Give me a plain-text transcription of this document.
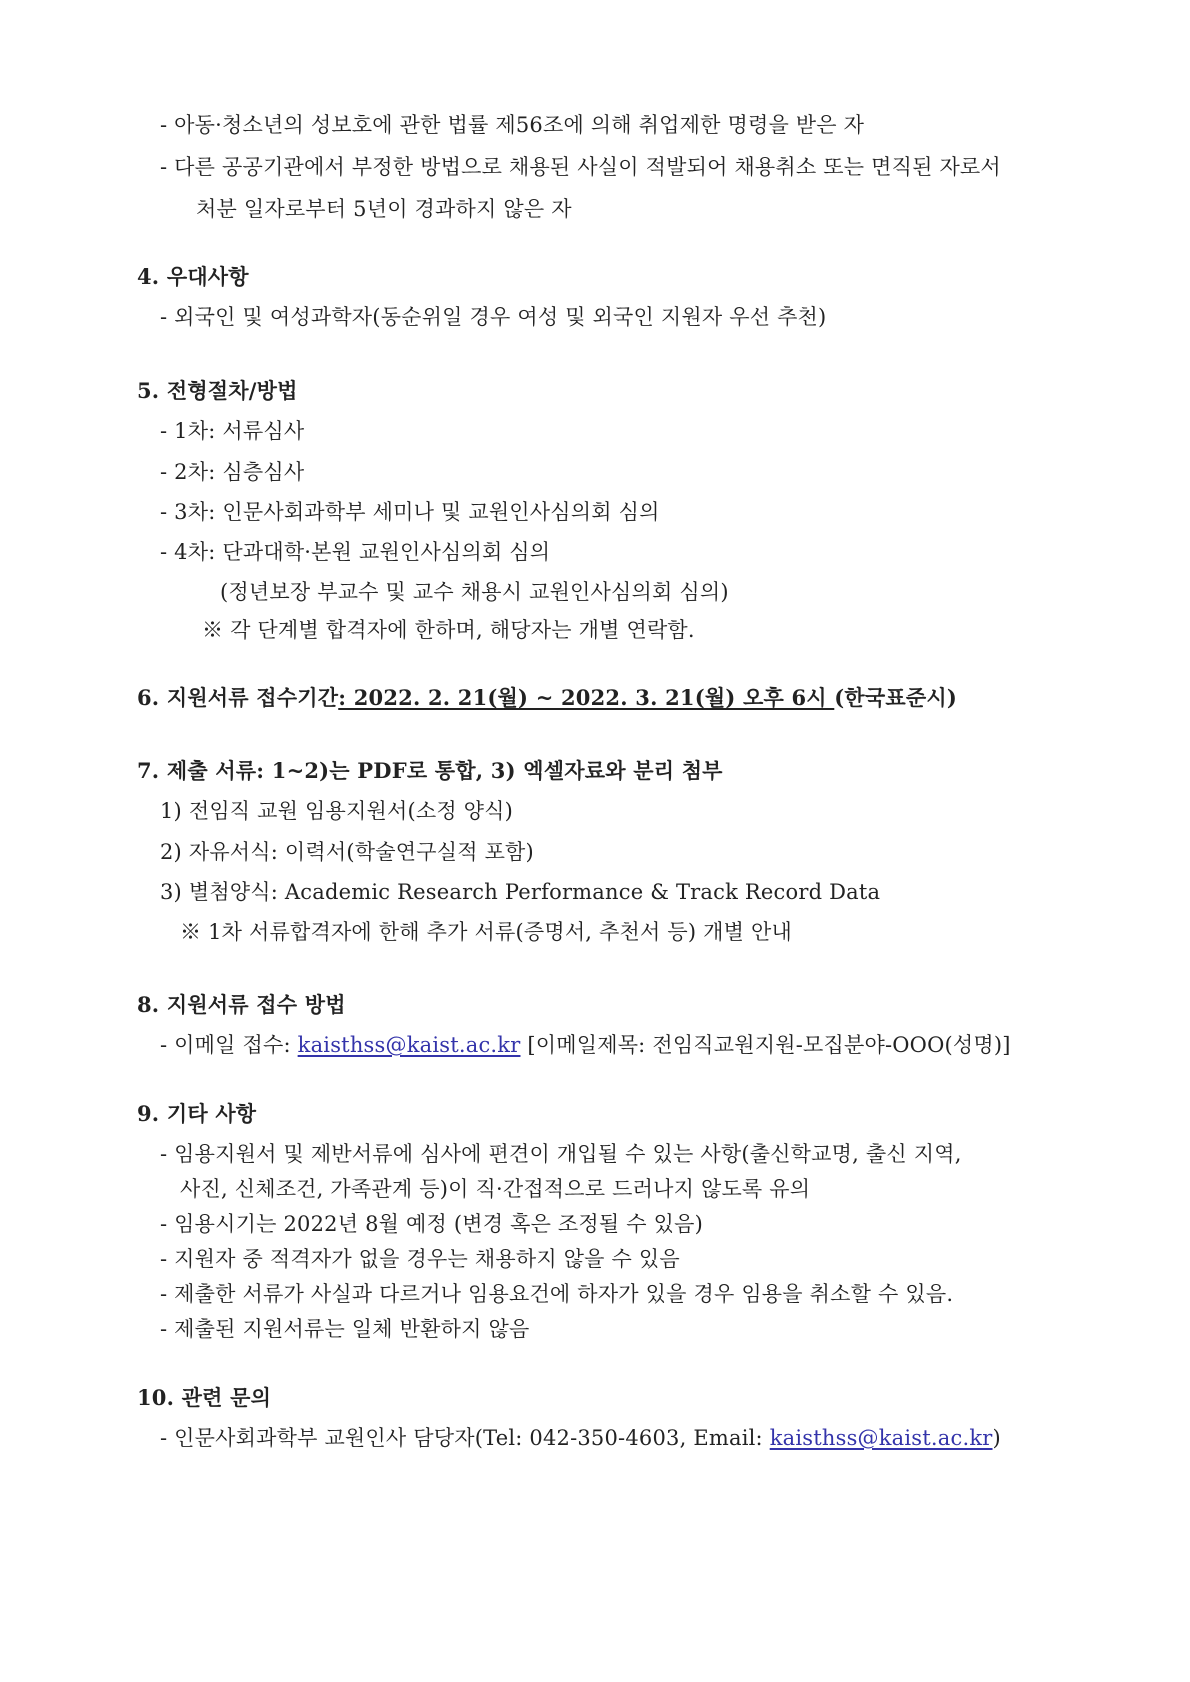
- 아동·청소년의 성보호에 관한 법률 제56조에 의해 취업제한 명령을 받은 자
- 다른 공공기관에서 부정한 방법으로 채용된 사실이 적발되어 채용취소 또는 면직된 자로서
처분 일자로부터 5년이 경과하지 않은 자
4. 우대사항
- 외국인 및 여성과학자(동순위일 경우 여성 및 외국인 지원자 우선 추천)
5. 전형절차/방법
- 1차: 서류심사
- 2차: 심층심사
- 3차: 인문사회과학부 세미나 및 교원인사심의회 심의
- 4차: 단과대학·본원 교원인사심의회 심의
(정년보장 부교수 및 교수 채용시 교원인사심의회 심의)
※ 각 단계별 합격자에 한하며, 해당자는 개별 연락함.
6. 지원서류 접수기간: 2022. 2. 21(월) ~ 2022. 3. 21(월) 오후 6시 (한국표준시)
7. 제출 서류: 1~2)는 PDF로 통합, 3) 엑셀자료와 분리 첨부
1) 전임직 교원 임용지원서(소정 양식)
2) 자유서식: 이력서(학술연구실적 포함)
3) 별첨양식: Academic Research Performance & Track Record Data
※ 1차 서류합격자에 한해 추가 서류(증명서, 추천서 등) 개별 안내
8. 지원서류 접수 방법
- 이메일 접수: kaisthss@kaist.ac.kr [이메일제목: 전임직교원지원-모집분야-OOO(성명)]
9. 기타 사항
- 임용지원서 및 제반서류에 심사에 편견이 개입될 수 있는 사항(출신학교명, 출신 지역,
사진, 신체조건, 가족관계 등)이 직·간접적으로 드러나지 않도록 유의
- 임용시기는 2022년 8월 예정 (변경 혹은 조정될 수 있음)
- 지원자 중 적격자가 없을 경우는 채용하지 않을 수 있음
- 제출한 서류가 사실과 다르거나 임용요건에 하자가 있을 경우 임용을 취소할 수 있음.
- 제출된 지원서류는 일체 반환하지 않음
10. 관련 문의
- 인문사회과학부 교원인사 담당자(Tel: 042-350-4603, Email: kaisthss@kaist.ac.kr)
